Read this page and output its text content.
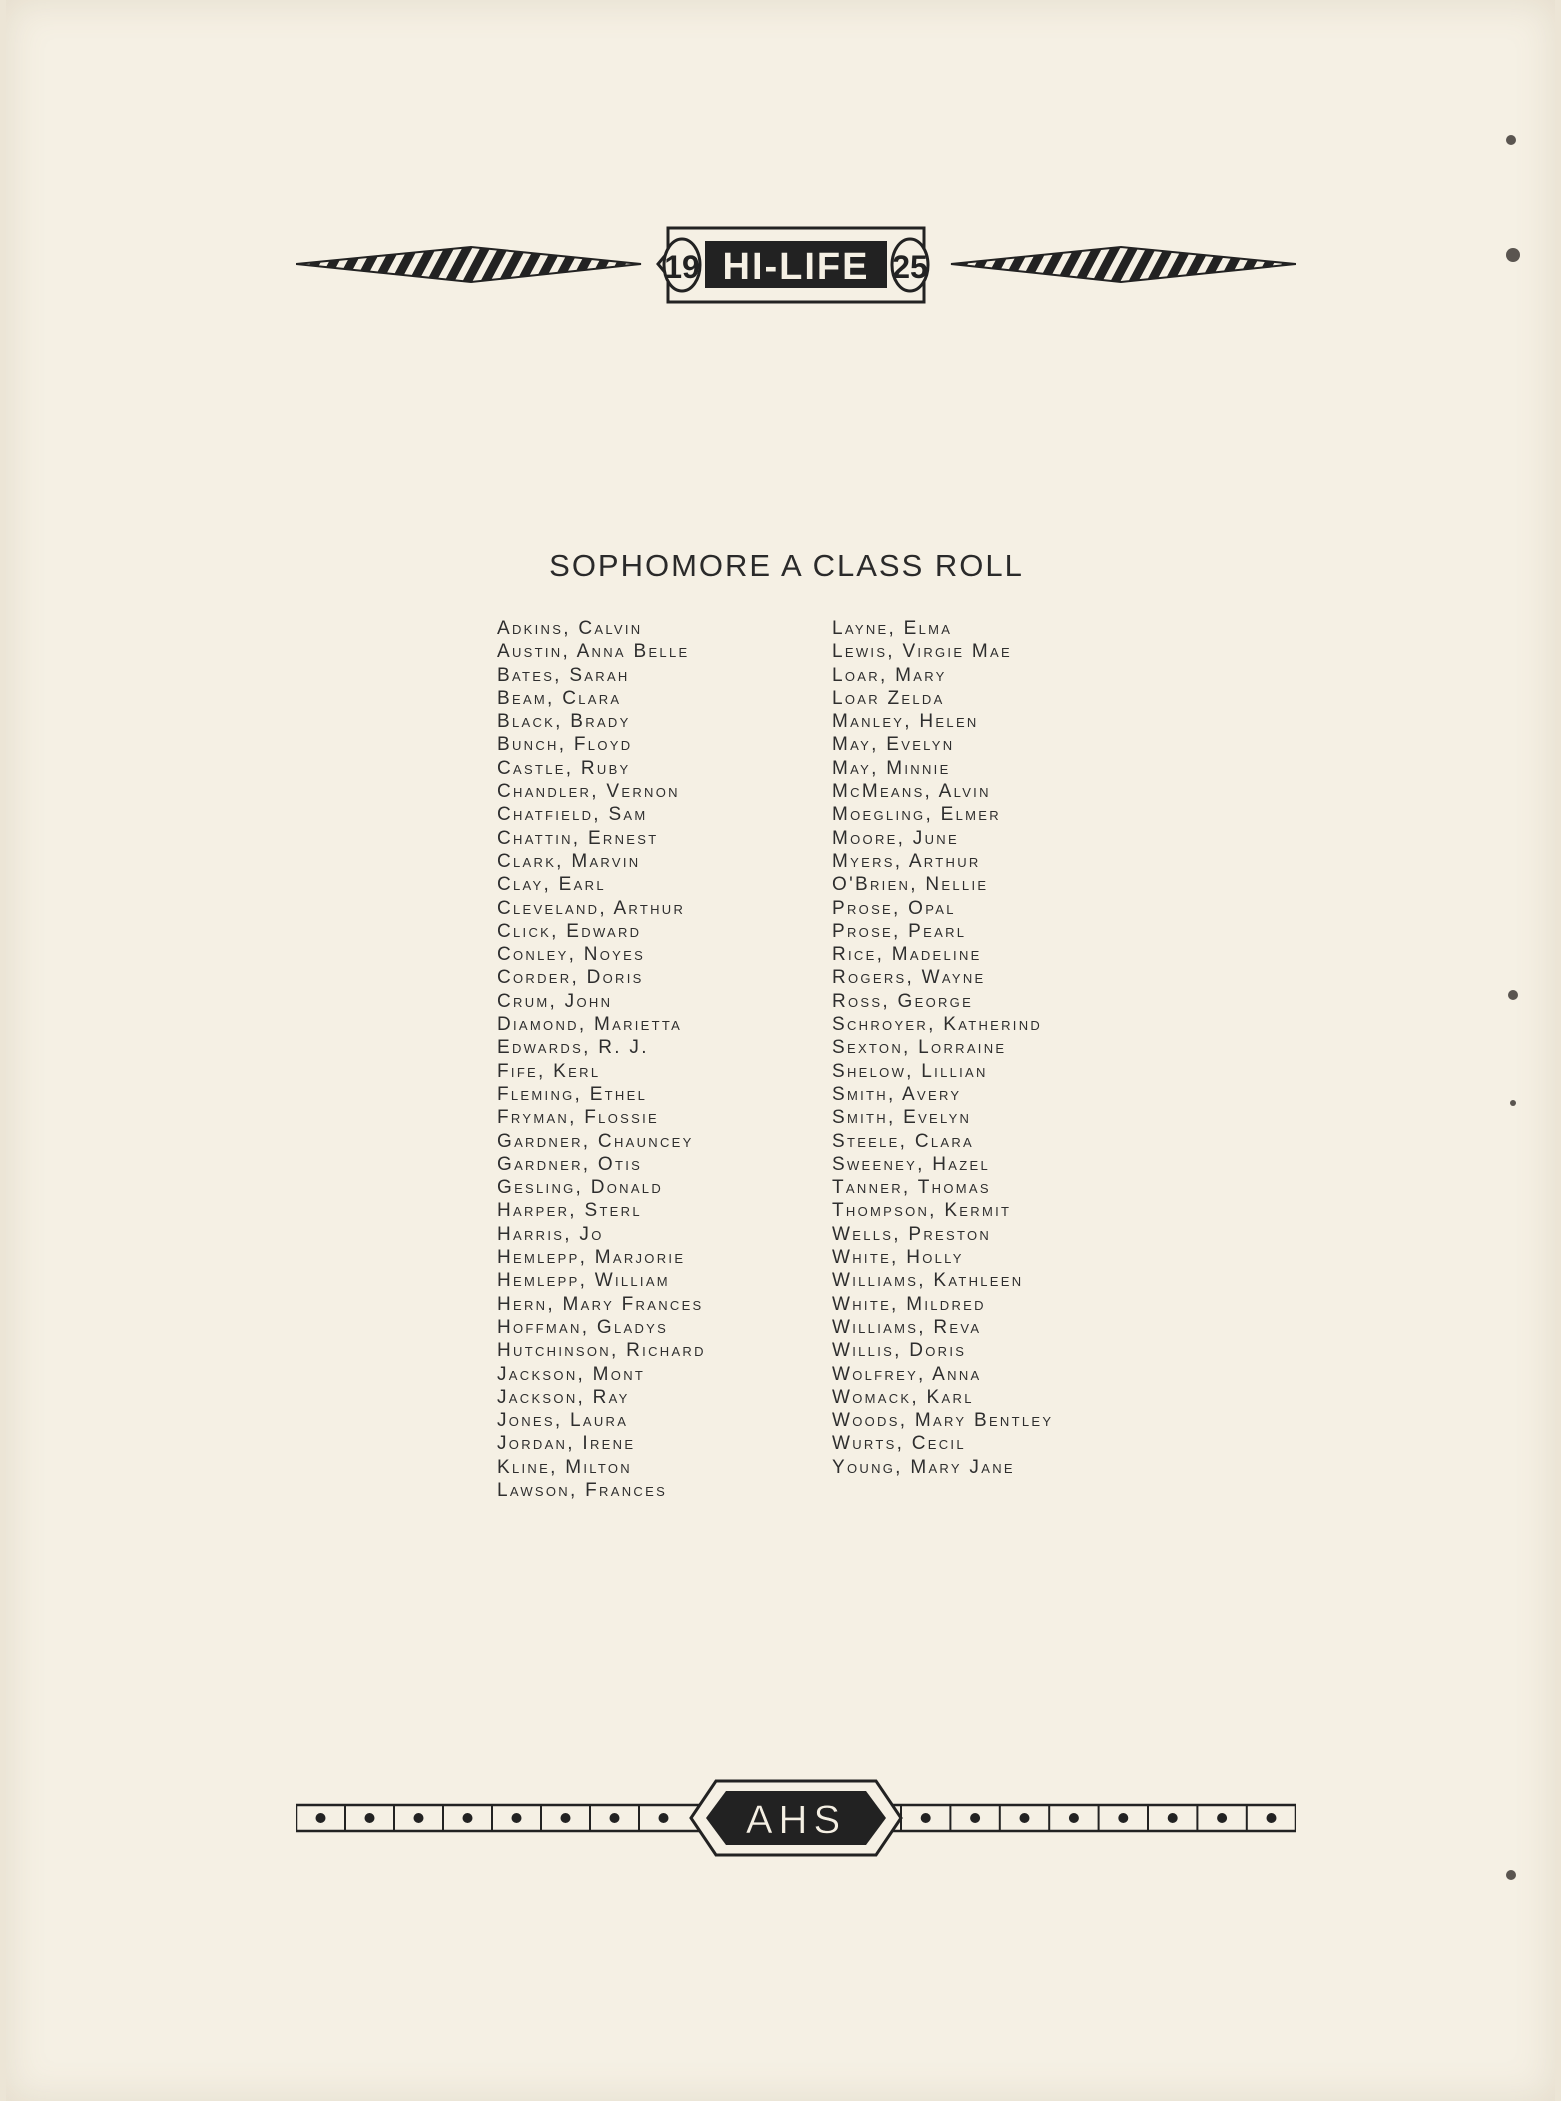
19 HI-LIFE 25
SOPHOMORE A CLASS ROLL
Adkins, Calvin
Austin, Anna Belle
Bates, Sarah
Beam, Clara
Black, Brady
Bunch, Floyd
Castle, Ruby
Chandler, Vernon
Chatfield, Sam
Chattin, Ernest
Clark, Marvin
Clay, Earl
Cleveland, Arthur
Click, Edward
Conley, Noyes
Corder, Doris
Crum, John
Diamond, Marietta
Edwards, R. J.
Fife, Kerl
Fleming, Ethel
Fryman, Flossie
Gardner, Chauncey
Gardner, Otis
Gesling, Donald
Harper, Sterl
Harris, Jo
Hemlepp, Marjorie
Hemlepp, William
Hern, Mary Frances
Hoffman, Gladys
Hutchinson, Richard
Jackson, Mont
Jackson, Ray
Jones, Laura
Jordan, Irene
Kline, Milton
Lawson, Frances
Layne, Elma
Lewis, Virgie Mae
Loar, Mary
Loar Zelda
Manley, Helen
May, Evelyn
May, Minnie
McMeans, Alvin
Moegling, Elmer
Moore, June
Myers, Arthur
O'Brien, Nellie
Prose, Opal
Prose, Pearl
Rice, Madeline
Rogers, Wayne
Ross, George
Schroyer, Katherind
Sexton, Lorraine
Shelow, Lillian
Smith, Avery
Smith, Evelyn
Steele, Clara
Sweeney, Hazel
Tanner, Thomas
Thompson, Kermit
Wells, Preston
White, Holly
Williams, Kathleen
White, Mildred
Williams, Reva
Willis, Doris
Wolfrey, Anna
Womack, Karl
Woods, Mary Bentley
Wurts, Cecil
Young, Mary Jane
AHS
